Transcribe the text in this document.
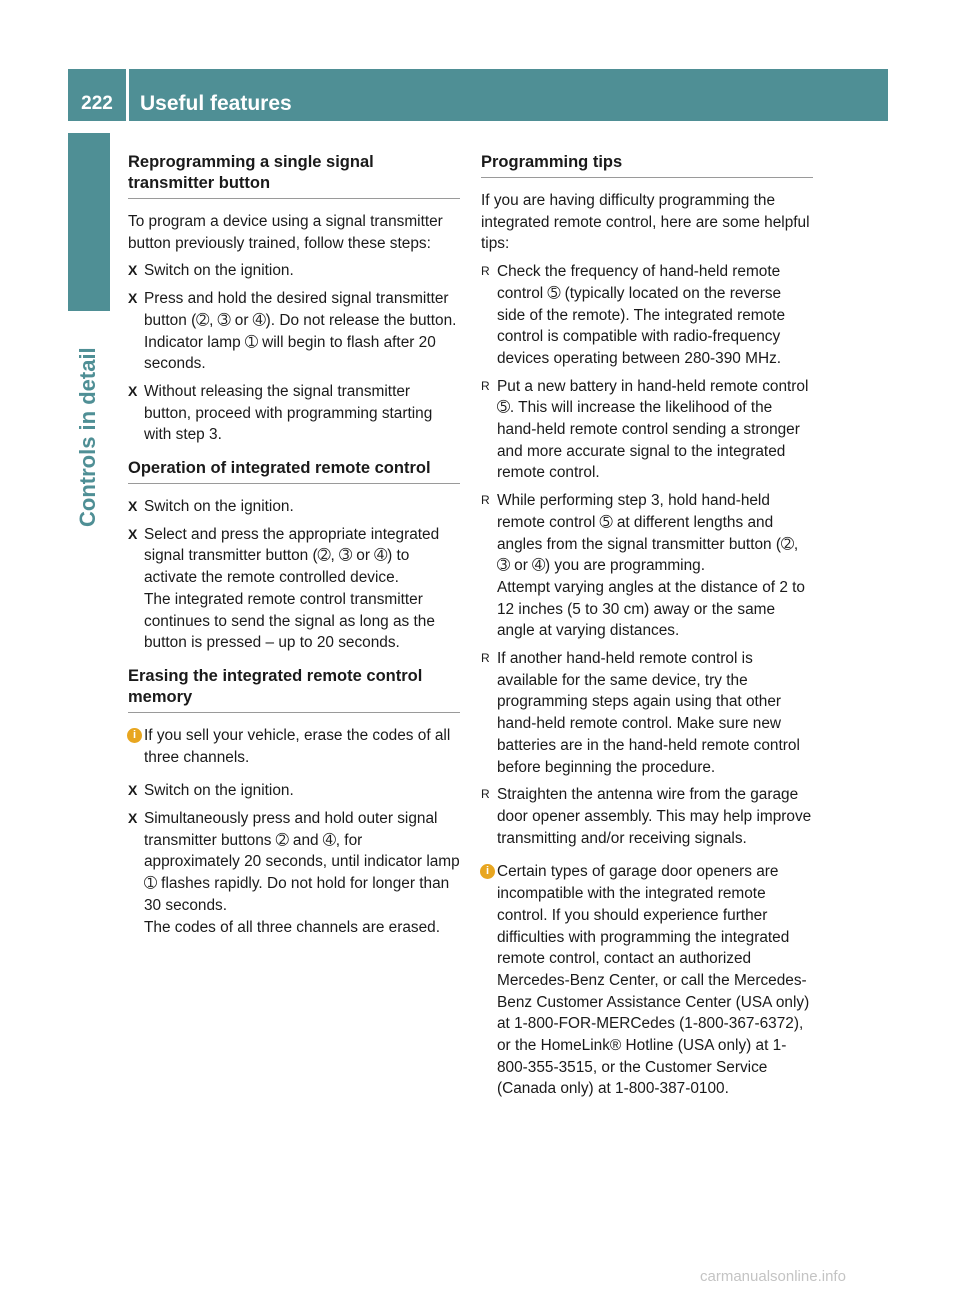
222	Useful features
Controls in detail
Reprogramming a single signal transmitter button

To program a device using a signal transmitter button previously trained, follow these steps:

X Switch on the ignition.
X Press and hold the desired signal transmitter button (➁, ➂ or ➃). Do not release the button.
Indicator lamp ➀ will begin to flash after 20 seconds.
X Without releasing the signal transmitter button, proceed with programming starting with step 3.
Operation of integrated remote control
X Switch on the ignition.
X Select and press the appropriate integrated signal transmitter button (➁, ➂ or ➃) to activate the remote controlled device.
The integrated remote control transmitter continues to send the signal as long as the button is pressed – up to 20 seconds.
Erasing the integrated remote control memory
i If you sell your vehicle, erase the codes of all three channels.
X Switch on the ignition.
X Simultaneously press and hold outer signal transmitter buttons ➁ and ➃, for approximately 20 seconds, until indicator lamp ➀ flashes rapidly. Do not hold for longer than 30 seconds.
The codes of all three channels are erased.
Programming tips

If you are having difficulty programming the integrated remote control, here are some helpful tips:

R Check the frequency of hand-held remote control ➄ (typically located on the reverse side of the remote). The integrated remote control is compatible with radio-frequency devices operating between 280-390 MHz.
R Put a new battery in hand-held remote control ➄. This will increase the likelihood of the hand-held remote control sending a stronger and more accurate signal to the integrated remote control.
R While performing step 3, hold hand-held remote control ➄ at different lengths and angles from the signal transmitter button (➁, ➂ or ➃) you are programming.
Attempt varying angles at the distance of 2 to 12 inches (5 to 30 cm) away or the same angle at varying distances.
R If another hand-held remote control is available for the same device, try the programming steps again using that other hand-held remote control. Make sure new batteries are in the hand-held remote control before beginning the procedure.
R Straighten the antenna wire from the garage door opener assembly. This may help improve transmitting and/or receiving signals.
i Certain types of garage door openers are incompatible with the integrated remote control. If you should experience further difficulties with programming the integrated remote control, contact an authorized Mercedes-Benz Center, or call the Mercedes-Benz Customer Assistance Center (USA only) at 1-800-FOR-MERCedes (1-800-367-6372), or the HomeLink® Hotline (USA only) at 1-800-355-3515, or the Customer Service (Canada only) at 1-800-387-0100.
carmanualsonline.info
